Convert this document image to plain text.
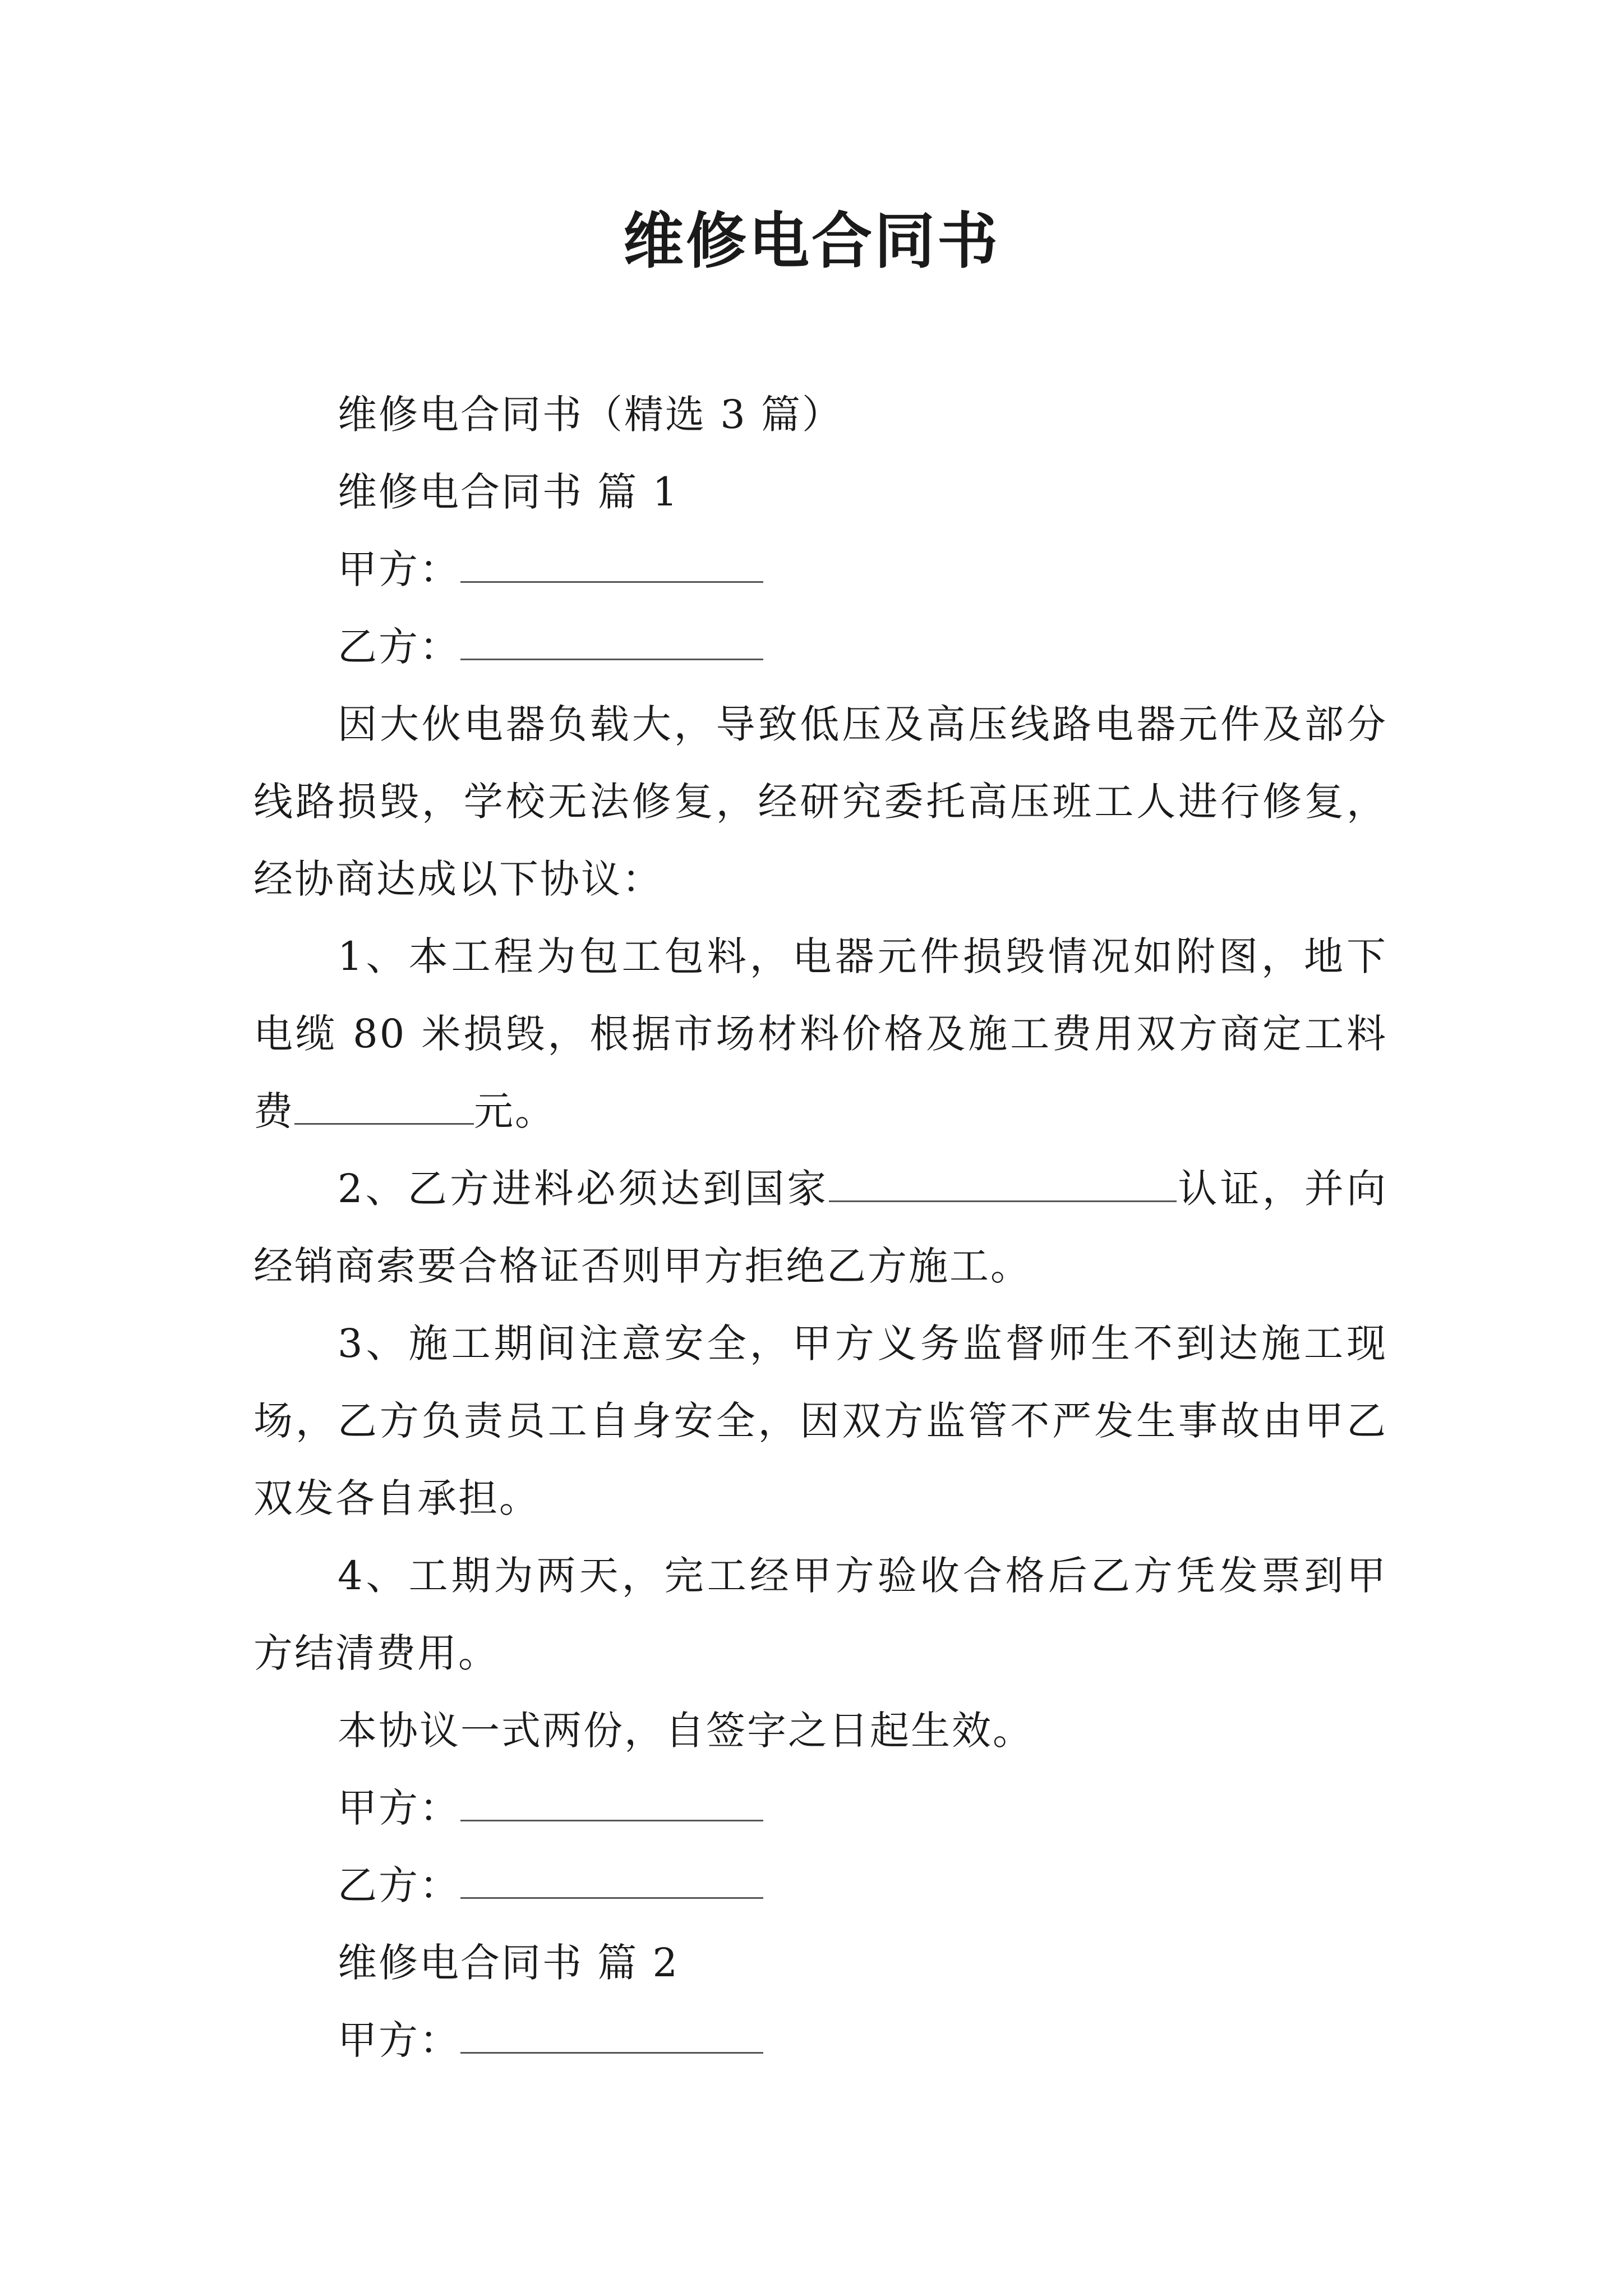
维修电合同书

维修电合同书（精选 3 篇）

维修电合同书 篇 1

甲方：

乙方：

因大伙电器负载大，导致低压及高压线路电器元件及部分线路损毁，学校无法修复，经研究委托高压班工人进行修复，经协商达成以下协议：

1、本工程为包工包料，电器元件损毁情况如附图，地下电缆 80 米损毁，根据市场材料价格及施工费用双方商定工料费	元。

2、乙方进料必须达到国家	认证，并向经销商索要合格证否则甲方拒绝乙方施工。

3、施工期间注意安全，甲方义务监督师生不到达施工现场，乙方负责员工自身安全，因双方监管不严发生事故由甲乙双发各自承担。

4、工期为两天，完工经甲方验收合格后乙方凭发票到甲方结清费用。

本协议一式两份，自签字之日起生效。

甲方：

乙方：

维修电合同书 篇 2

甲方：
